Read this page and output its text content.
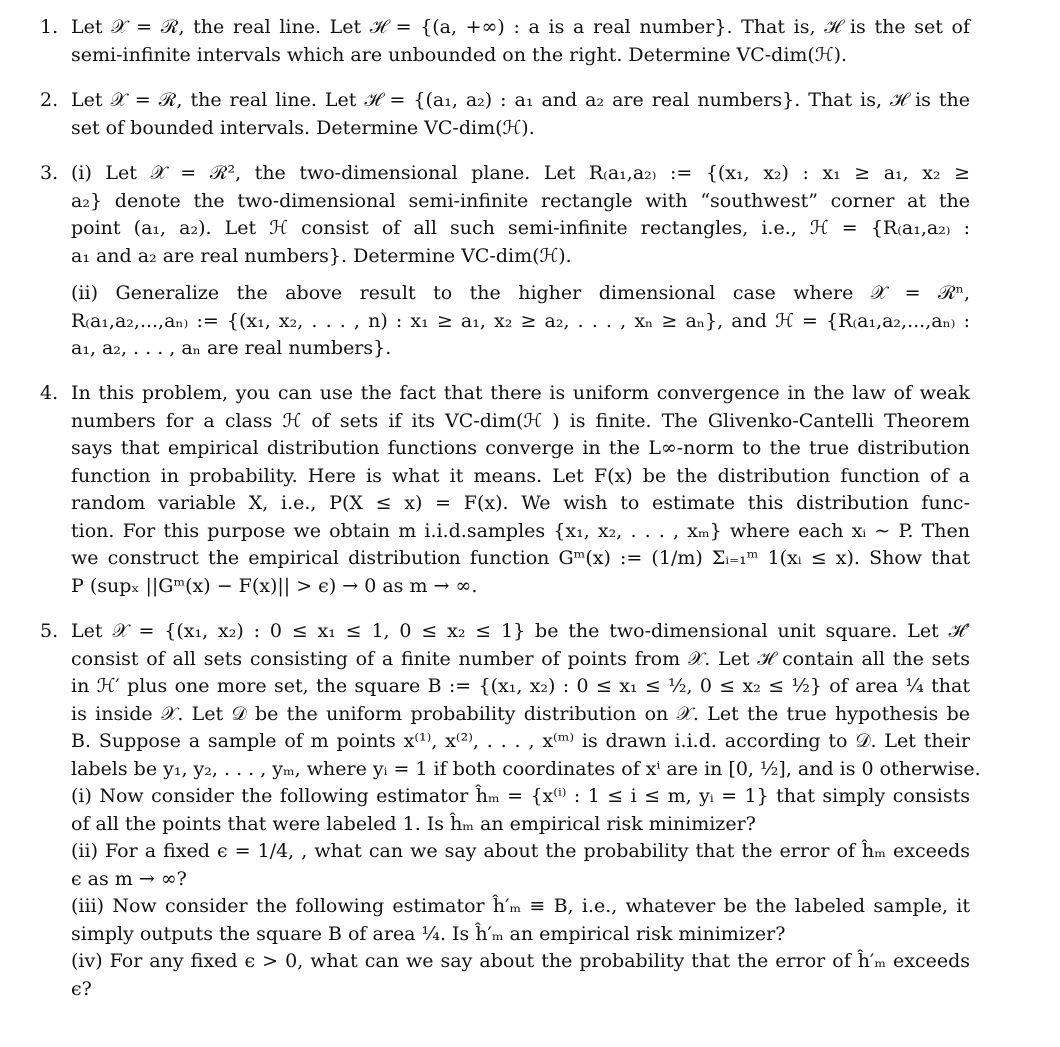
1. Let 𝒳 = ℛ, the real line. Let ℋ = {(a, +∞) : a is a real number}. That is, ℋ is the set of
semi-infinite intervals which are unbounded on the right. Determine VC-dim(ℋ).
2. Let 𝒳 = ℛ, the real line. Let ℋ = {(a₁, a₂) : a₁ and a₂ are real numbers}. That is, ℋ is the
set of bounded intervals. Determine VC-dim(ℋ).
3. (i) Let 𝒳 = ℛ², the two-dimensional plane. Let R₍a₁,a₂₎ := {(x₁, x₂) : x₁ ≥ a₁, x₂ ≥
a₂} denote the two-dimensional semi-infinite rectangle with “southwest” corner at the
point (a₁, a₂). Let ℋ consist of all such semi-infinite rectangles, i.e., ℋ = {R₍a₁,a₂₎ :
a₁ and a₂ are real numbers}. Determine VC-dim(ℋ).
(ii) Generalize the above result to the higher dimensional case where 𝒳 = ℛⁿ,
R₍a₁,a₂,...,aₙ₎ := {(x₁, x₂, . . . , n) : x₁ ≥ a₁, x₂ ≥ a₂, . . . , xₙ ≥ aₙ}, and ℋ = {R₍a₁,a₂,...,aₙ₎ :
a₁, a₂, . . . , aₙ are real numbers}.
4. In this problem, you can use the fact that there is uniform convergence in the law of weak
numbers for a class ℋ of sets if its VC-dim(ℋ ) is finite. The Glivenko-Cantelli Theorem
says that empirical distribution functions converge in the L∞-norm to the true distribution
function in probability. Here is what it means. Let F(x) be the distribution function of a
random variable X, i.e., P(X ≤ x) = F(x). We wish to estimate this distribution func-
tion. For this purpose we obtain m i.i.d.samples {x₁, x₂, . . . , xₘ} where each xᵢ ∼ P. Then
we construct the empirical distribution function Gᵐ(x) := (1/m) Σᵢ₌₁ᵐ 1(xᵢ ≤ x). Show that
P (supₓ ||Gᵐ(x) − F(x)|| > ϵ) → 0 as m → ∞.
5. Let 𝒳 = {(x₁, x₂) : 0 ≤ x₁ ≤ 1, 0 ≤ x₂ ≤ 1} be the two-dimensional unit square. Let ℋ′
consist of all sets consisting of a finite number of points from 𝒳. Let ℋ contain all the sets
in ℋ′ plus one more set, the square B := {(x₁, x₂) : 0 ≤ x₁ ≤ ½, 0 ≤ x₂ ≤ ½} of area ¼ that
is inside 𝒳. Let 𝒟 be the uniform probability distribution on 𝒳. Let the true hypothesis be
B. Suppose a sample of m points x⁽¹⁾, x⁽²⁾, . . . , x⁽ᵐ⁾ is drawn i.i.d. according to 𝒟. Let their
labels be y₁, y₂, . . . , yₘ, where yᵢ = 1 if both coordinates of xⁱ are in [0, ½], and is 0 otherwise.
(i) Now consider the following estimator ĥₘ = {x⁽ⁱ⁾ : 1 ≤ i ≤ m, yᵢ = 1} that simply consists
of all the points that were labeled 1. Is ĥₘ an empirical risk minimizer?
(ii) For a fixed ϵ = 1/4, , what can we say about the probability that the error of ĥₘ exceeds
ϵ as m → ∞?
(iii) Now consider the following estimator ĥ′ₘ ≡ B, i.e., whatever be the labeled sample, it
simply outputs the square B of area ¼. Is ĥ′ₘ an empirical risk minimizer?
(iv) For any fixed ϵ > 0, what can we say about the probability that the error of ĥ′ₘ exceeds
ϵ?
